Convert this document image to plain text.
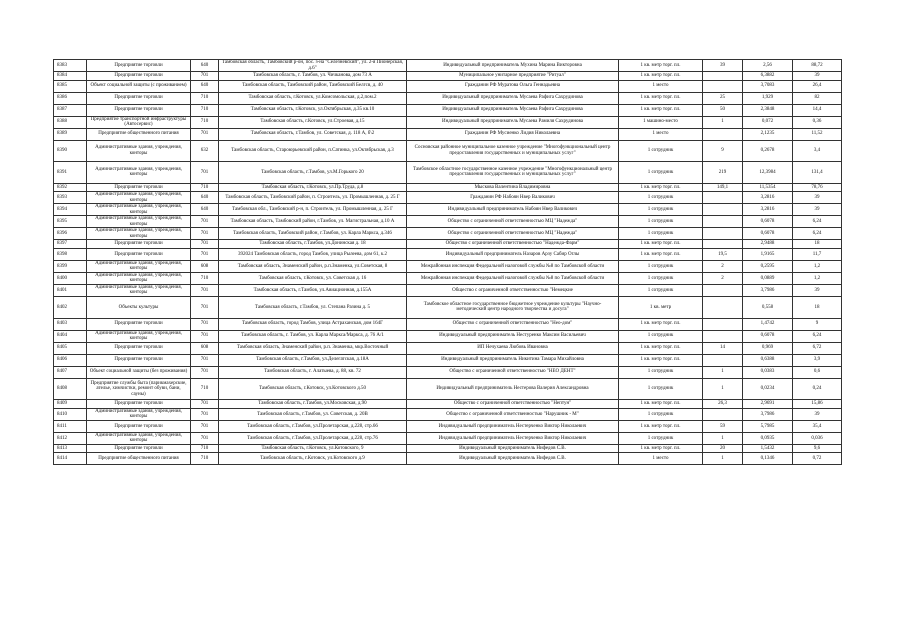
8383	Предприятие торговли	640	Тамбовская область, Тамбовский р-он, пос. з-на "Селезневский", ул. 2-я Пионерская, д.6"	Индивидуальный предприниматель Мухина Марина Викторовна	1 кв. метр торг. пл.	39	2,56	88,72
8384	Предприятие торговли	701	Тамбовская область, г. Тамбов, ул. Чичканова, дом 73 А	Муниципальное унитарное предприятие "Ритуал"	1 кв. метр торг. пл.		6,3882	39
8385	Объект социальной защиты (с проживанием)	640	Тамбовская область, Тамбовский район, Тамбовский Белгсв, д. 40	Гражданин РФ Муратова Ольга Геннадьевна	1 место		3,7083	26,4
8386	Предприятие торговли	710	Тамбовская область, г.Котовск, ул.Комсомольская, д.2,пом.2	Индивидуальный предприниматель Мусаева Рафига Сахрудинова	1 кв. метр торг. пл.	25	1,929	82
8387	Предприятие торговли	710	Тамбовская область, г.Котовск, ул.Октябрьская, д.35 кв.10	Индивидуальный предприниматель Мусаева Рафига Сахрудинова	1 кв. метр торг. пл.	50	2,3848	14,4
8388	Предприятие транспортной инфраструктуры (Автосервис)	710	Тамбовская область, г.Котовск, ул.Строевая, д.15	Индивидуальный предприниматель Мусаева Рамиля Сахрудинова	1 машино-место	1	0,072	0,36
8389	Предприятие общественного питания	701	Тамбовская область, г.Тамбов, ул. Советская, д. 118 А, б\2	Гражданин РФ Мусиенко Лидия Николаевна	1 место		2,1235	11,52
8390	Административные здания, учреждения, конторы	632	Тамбовская область, Староюрьевский район, п.Сатинка, ул.Октябрьская, д.3	Сосновская районное муниципальное казенное учреждение "Многофункциональный центр предоставления государственных и муниципальных услуг"	1 сотрудник	9	0,2678	3,4
8391	Административные здания, учреждения, конторы	701	Тамбовская область, г.Тамбов, ул.М.Горького 20	Тамбовское областное государственное казенное учреждение "Многофункциональный центр предоставления государственных и муниципальных услуг"	1 сотрудник	219	12,3984	131,4
8392	Предприятие торговли	710	Тамбовская область, г.Котовск, ул.Пр.Труда, д.8	Мыскова Валентина Владимировна	1 кв. метр торг. пл.	149,1	11,5354	78,76
8393	Административные здания, учреждения, конторы	640	Тамбовская область, Тамбовский район, п. Строитель, ул. Промышленная, д. 25 Г	Гражданин РФ Набоян Нвер Валикович	1 сотрудник		3,2816	39
8394	Административные здания, учреждения, конторы	640	Тамбовская обл., Тамбовский р-н, п. Строитель, ул. Промышленная, д. 25 Г	Индивидуальный предприниматель Набоян Нвер Валикович	1 сотрудник		3,2816	39
8395	Административные здания, учреждения, конторы	701	Тамбовская область, Тамбовский район, г.Тамбов, ул. Магистральная, д.10 А	Общество с ограниченной ответственностью МЦ "Надежда"	1 сотрудник		0,6078	6,24
8396	Административные здания, учреждения, конторы	701	Тамбовская область, Тамбовский район, г.Тамбов, ул. Карла Маркса, д.346	Общество с ограниченной ответственностью МЦ "Надежда"	1 сотрудник		0,6078	6,24
8397	Предприятие торговли	701	Тамбовская область, г.Тамбов, ул.Донинская д. 18	Общество с ограниченной ответственностью "Надежда-Фарм"	1 кв. метр торг. пл.		2,9488	18
8398	Предприятие торговли	701	392024 Тамбовская область, город Тамбов, улица Рылеева, дом 61, к.2	Индивидуальный предприниматель Назаров Арзу Сабир Оглы	1 кв. метр торг. пл.	19,5	1,9165	11,7
8399	Административные здания, учреждения, конторы	608	Тамбовская область, Знаменский район, р.п.Знаменка, ул.Советская, 8	Межрайонная инспекция Федеральной налоговой службы №8 по Тамбовской области	1 сотрудник	2	0,2595	1,2
8400	Административные здания, учреждения, конторы	710	Тамбовская область, г.Котовск, ул. Советская д. 16	Межрайонная инспекция Федеральной налоговой службы №8 по Тамбовской области	1 сотрудник	2	0,0889	1,2
8401	Административные здания, учреждения, конторы	701	Тамбовская область, г.Тамбов, ул.Авиационная, д.155А	Общество с ограниченной ответственностью "Немецкие	1 сотрудник		3,7986	39
8402	Объекты культуры	701	Тамбовская область, г.Тамбов, ул. Степана Разина д. 5	Тамбовское областное государственное бюджетное учреждение культуры "Научно-методический центр народного творчества и досуга"	1 кв. метр		0,558	18
8403	Предприятие торговли	701	Тамбовская область, город Тамбов, улица Астраханская, дом 164Г	Общество с ограниченной ответственностью "Нео-дом"	1 кв. метр торг. пл.		1,4742	9
8404	Административные здания, учреждения, конторы	701	Тамбовская область, г. Тамбов, ул. Карла Маркса/Маркса, д. 76 А/1	Индивидуальный предприниматель Нестуренко Максим Васильевич	1 сотрудник		0,6078	6,24
8405	Предприятие торговли	608	Тамбовская область, Знаменский район, р.п. Знаменка, мкр.Восточный	ИП Нечухаева Любовь Ивановна	1 кв. метр торг. пл.	14	0,969	6,72
8406	Предприятие торговли	701	Тамбовская область, г.Тамбов, ул.Делегатская, д.18А	Индивидуальный предприниматель Никитина Тамара Михайловна	1 кв. метр торг. пл.		0,6388	3,9
8407	Объект социальной защиты (без проживания)	701	Тамбовская область, г. Алатыева, д. 88, кв. 72	Общество с ограниченной ответственностью "НЕО ДЕНТ"	1 сотрудник	1	0,0383	0,6
8408	Предприятие службы быта (парикмахерские, ателье, химчистки, ремонт обуви, бани, сауны)	710	Тамбовская область, г.Котовск, ул.Котовского д.50	Индивидуальный предприниматель Нестерова Валерия Александровна	1 сотрудник	1	0,0234	0,24
8409	Предприятие торговли	701	Тамбовская область, г.Тамбов, ул.Московская, д.90	Общество с ограниченной ответственностью "Нептун"	1 кв. метр торг. пл.	26,3	2,9691	15,86
8410	Административные здания, учреждения, конторы	701	Тамбовская область, г.Тамбов, ул. Советская, д. 20В	Общество с ограниченной ответственностью "Нарушник - М"	1 сотрудник		3,7986	39
8411	Предприятие торговли	701	Тамбовская область, г.Тамбов, ул.Пролетарская, д.228, стр.66	Индивидуальный предприниматель Нестерченко Виктор Николаевич	1 кв. метр торг. пл.	59	5,7985	35,4
8412	Административные здания, учреждения, конторы	701	Тамбовская область, г.Тамбов, ул.Пролетарская, д.228, стр.76	Индивидуальный предприниматель Нестерченко Виктор Николаевич	1 сотрудник	1	0,0935	0,036
8413	Предприятие торговли	710	Тамбовская область, г.Котовск, ул.Котовского, 9	Индивидуальный предприниматель Нифедов С.В.	1 кв. метр торг. пл.	20	1,5432	9,6
8414	Предприятие общественного питания	710	Тамбовская область, г.Котовск, ул.Котовского д.9	Индивидуальный предприниматель Нифедов С.В.	1 место	1	0,1346	0,72
